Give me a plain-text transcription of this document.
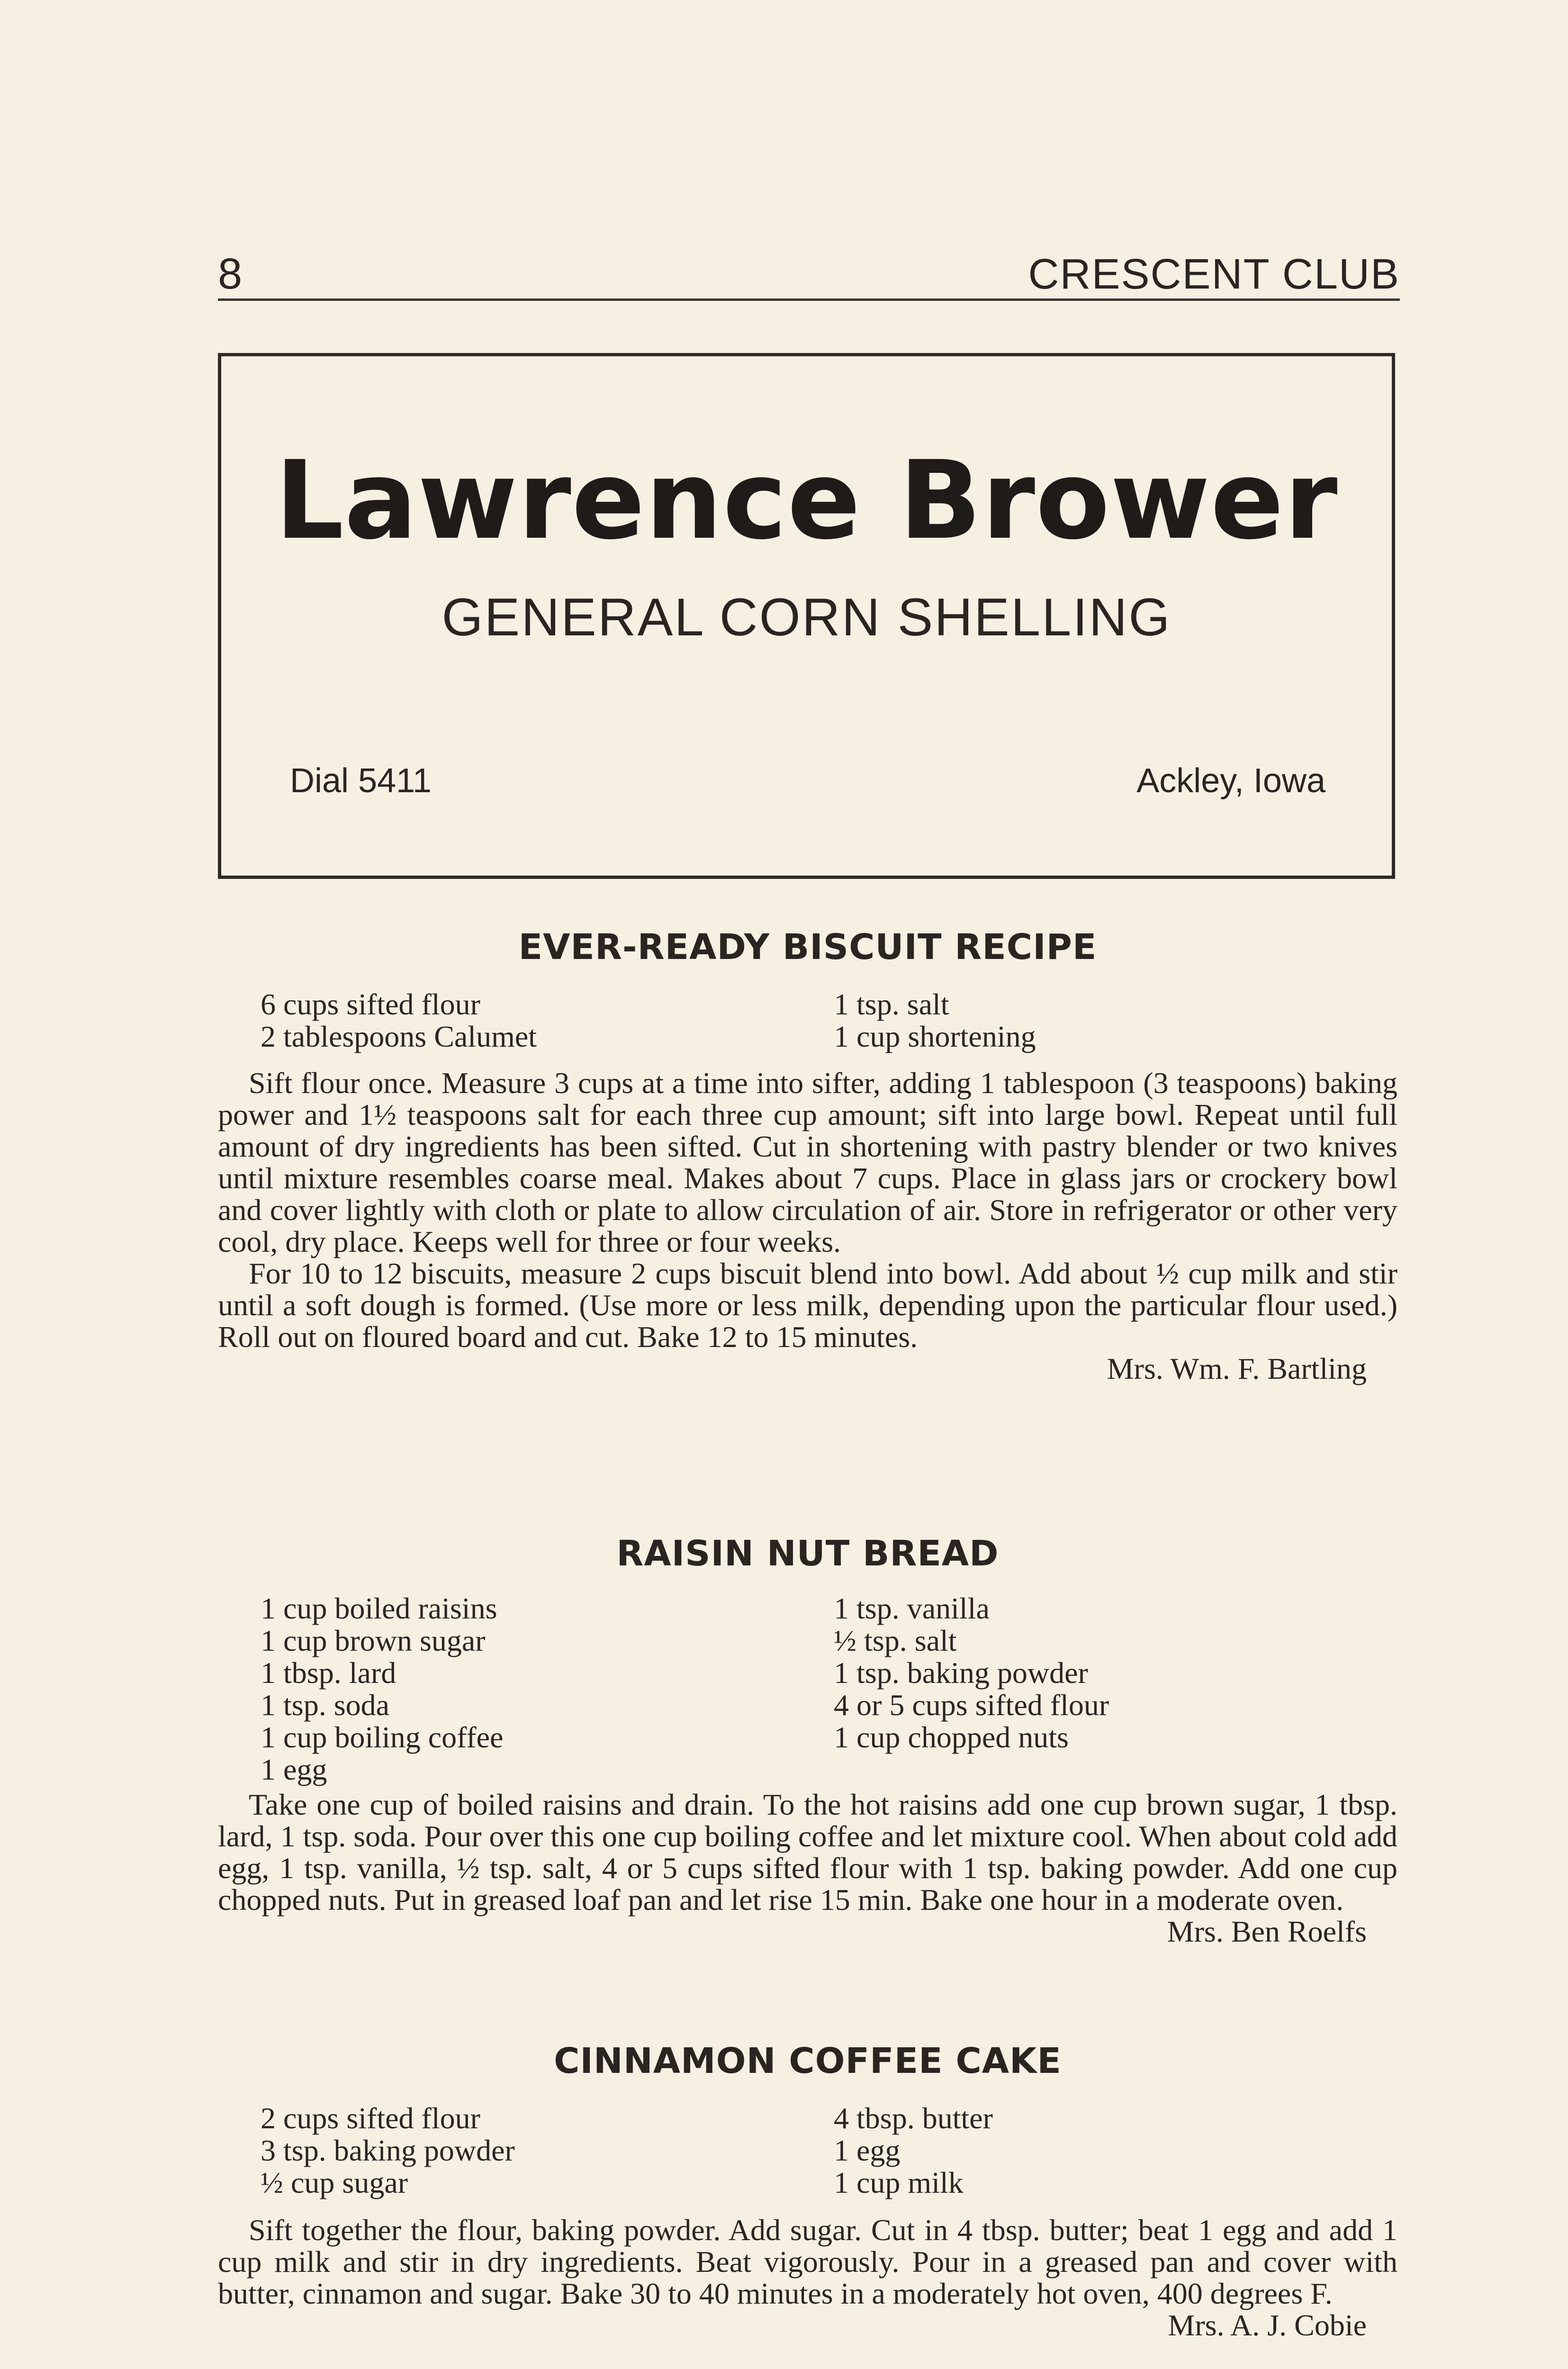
8	CRESCENT CLUB
Lawrence Brower
GENERAL CORN SHELLING
Dial 5411	Ackley, Iowa
EVER-READY BISCUIT RECIPE
6 cups sifted flour
2 tablespoons Calumet
1 tsp. salt
1 cup shortening

Sift flour once. Measure 3 cups at a time into sifter, adding 1 tablespoon (3 teaspoons) baking power and 1½ teaspoons salt for each three cup amount; sift into large bowl. Repeat until full amount of dry ingredients has been sifted. Cut in shortening with pastry blender or two knives until mixture resembles coarse meal. Makes about 7 cups. Place in glass jars or crockery bowl and cover lightly with cloth or plate to allow circulation of air. Store in refrigerator or other very cool, dry place. Keeps well for three or four weeks.

For 10 to 12 biscuits, measure 2 cups biscuit blend into bowl. Add about ½ cup milk and stir until a soft dough is formed. (Use more or less milk, depending upon the particular flour used.) Roll out on floured board and cut. Bake 12 to 15 minutes.

Mrs. Wm. F. Bartling

RAISIN NUT BREAD
1 cup boiled raisins
1 cup brown sugar
1 tbsp. lard
1 tsp. soda
1 cup boiling coffee
1 egg
1 tsp. vanilla
½ tsp. salt
1 tsp. baking powder
4 or 5 cups sifted flour
1 cup chopped nuts

Take one cup of boiled raisins and drain. To the hot raisins add one cup brown sugar, 1 tbsp. lard, 1 tsp. soda. Pour over this one cup boiling coffee and let mixture cool. When about cold add egg, 1 tsp. vanilla, ½ tsp. salt, 4 or 5 cups sifted flour with 1 tsp. baking powder. Add one cup chopped nuts. Put in greased loaf pan and let rise 15 min. Bake one hour in a moderate oven.

Mrs. Ben Roelfs

CINNAMON COFFEE CAKE
2 cups sifted flour
3 tsp. baking powder
½ cup sugar
4 tbsp. butter
1 egg
1 cup milk

Sift together the flour, baking powder. Add sugar. Cut in 4 tbsp. butter; beat 1 egg and add 1 cup milk and stir in dry ingredients. Beat vigorously. Pour in a greased pan and cover with butter, cinnamon and sugar. Bake 30 to 40 minutes in a moderately hot oven, 400 degrees F.

Mrs. A. J. Cobie
